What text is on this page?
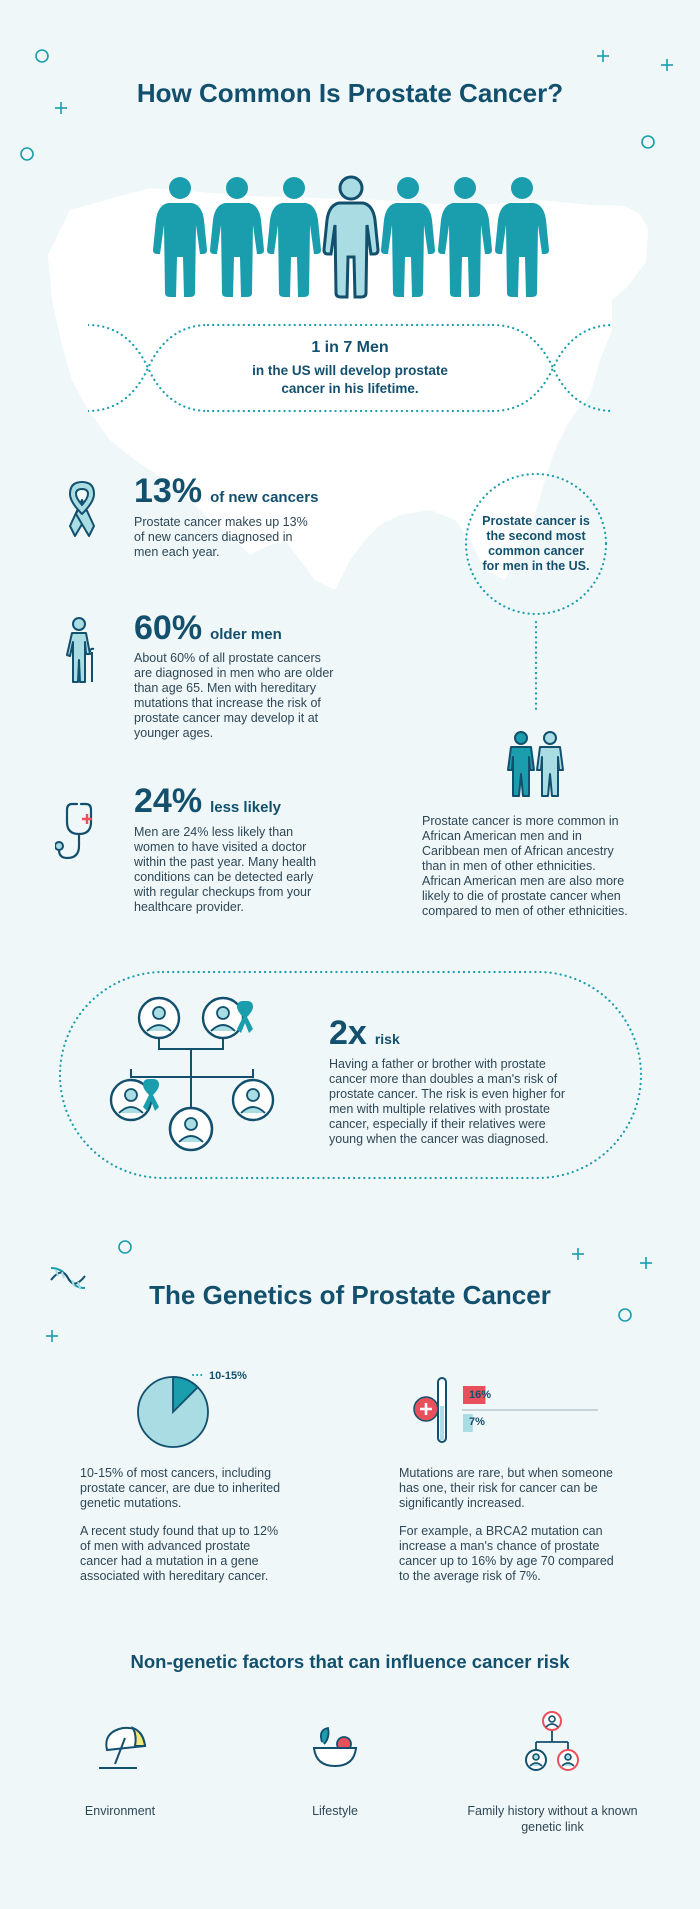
How Common Is Prostate Cancer?
1 in 7 Men
in the US will develop prostate
cancer in his lifetime.
13% of new cancers
Prostate cancer makes up 13%
of new cancers diagnosed in
men each year.
Prostate cancer is
the second most
common cancer
for men in the US.
60% older men
About 60% of all prostate cancers
are diagnosed in men who are older
than age 65. Men with hereditary
mutations that increase the risk of
prostate cancer may develop it at
younger ages.
24% less likely
Men are 24% less likely than
women to have visited a doctor
within the past year. Many health
conditions can be detected early
with regular checkups from your
healthcare provider.
Prostate cancer is more common in
African American men and in
Caribbean men of African ancestry
than in men of other ethnicities.
African American men are also more
likely to die of prostate cancer when
compared to men of other ethnicities.
2x risk
Having a father or brother with prostate
cancer more than doubles a man's risk of
prostate cancer. The risk is even higher for
men with multiple relatives with prostate
cancer, especially if their relatives were
young when the cancer was diagnosed.
The Genetics of Prostate Cancer
10-15%
10-15% of most cancers, including
prostate cancer, are due to inherited
genetic mutations.
A recent study found that up to 12%
of men with advanced prostate
cancer had a mutation in a gene
associated with hereditary cancer.
16%
7%
Mutations are rare, but when someone
has one, their risk for cancer can be
significantly increased.
For example, a BRCA2 mutation can
increase a man's chance of prostate
cancer up to 16% by age 70 compared
to the average risk of 7%.
Non-genetic factors that can influence cancer risk
Environment	Lifestyle	Family history without a known
genetic link
